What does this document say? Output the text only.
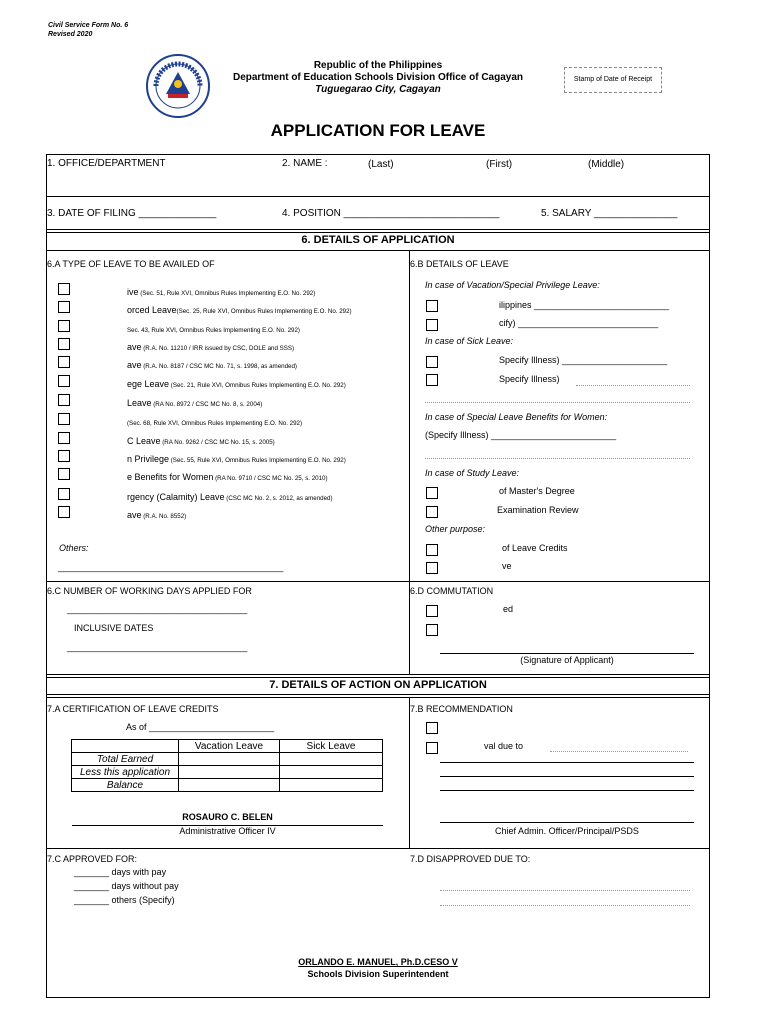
Civil Service Form No. 6
Revised 2020
Republic of the Philippines
Department of Education Schools Division Office of Cagayan
Tuguegarao City, Cagayan
Stamp of Date of Receipt
APPLICATION FOR LEAVE
1. OFFICE/DEPARTMENT	2. NAME :	(Last)	(First)	(Middle)
3. DATE OF FILING ______________	4. POSITION ____________________________	5. SALARY _______________
6. DETAILS OF APPLICATION
6.A TYPE OF LEAVE TO BE AVAILED OF	6.B DETAILS OF LEAVE
ive (Sec. 51, Rule XVI, Omnibus Rules Implementing E.O. No. 292)
orced Leave(Sec. 25, Rule XVI, Omnibus Rules Implementing E.O. No. 292)
Sec. 43, Rule XVI, Omnibus Rules Implementing E.O. No. 292)
ave (R.A. No. 11210 / IRR issued by CSC, DOLE and SSS)
ave (R.A. No. 8187 / CSC MC No. 71, s. 1998, as amended)
ege Leave (Sec. 21, Rule XVI, Omnibus Rules Implementing E.O. No. 292)
Leave (RA No. 8972 / CSC MC No. 8, s. 2004)
(Sec. 68, Rule XVI, Omnibus Rules Implementing E.O. No. 292)
C Leave (RA No. 9262 / CSC MC No. 15, s. 2005)
n Privilege (Sec. 55, Rule XVI, Omnibus Rules Implementing E.O. No. 292)
e Benefits for Women (RA No. 9710 / CSC MC No. 25, s. 2010)
rgency (Calamity) Leave (CSC MC No. 2, s. 2012, as amended)
ave (R.A. No. 8552)
Others:
_____________________________________________
In case of Vacation/Special Privilege Leave:
ilippines ___________________________
cify) ____________________________
In case of Sick Leave:
Specify Illness) _____________________
Specify Illness)
In case of Special Leave Benefits for Women:
(Specify Illness) _________________________
In case of Study Leave:
of Master's Degree
Examination Review
Other purpose:
of Leave Credits
ve
6.C NUMBER OF WORKING DAYS APPLIED FOR
____________________________________
INCLUSIVE DATES
____________________________________
6.D COMMUTATION
ed
(Signature of Applicant)
7. DETAILS OF ACTION ON APPLICATION
7.A CERTIFICATION OF LEAVE CREDITS
As of _________________________
	Vacation Leave	Sick Leave
Total Earned		
Less this application		
Balance		
ROSAURO C. BELEN
Administrative Officer IV
7.B RECOMMENDATION
val due to
Chief Admin. Officer/Principal/PSDS
7.C APPROVED FOR:
_______ days with pay
_______ days without pay
_______ others (Specify)
7.D DISAPPROVED DUE TO:
ORLANDO E. MANUEL, Ph.D.CESO V
Schools Division Superintendent
